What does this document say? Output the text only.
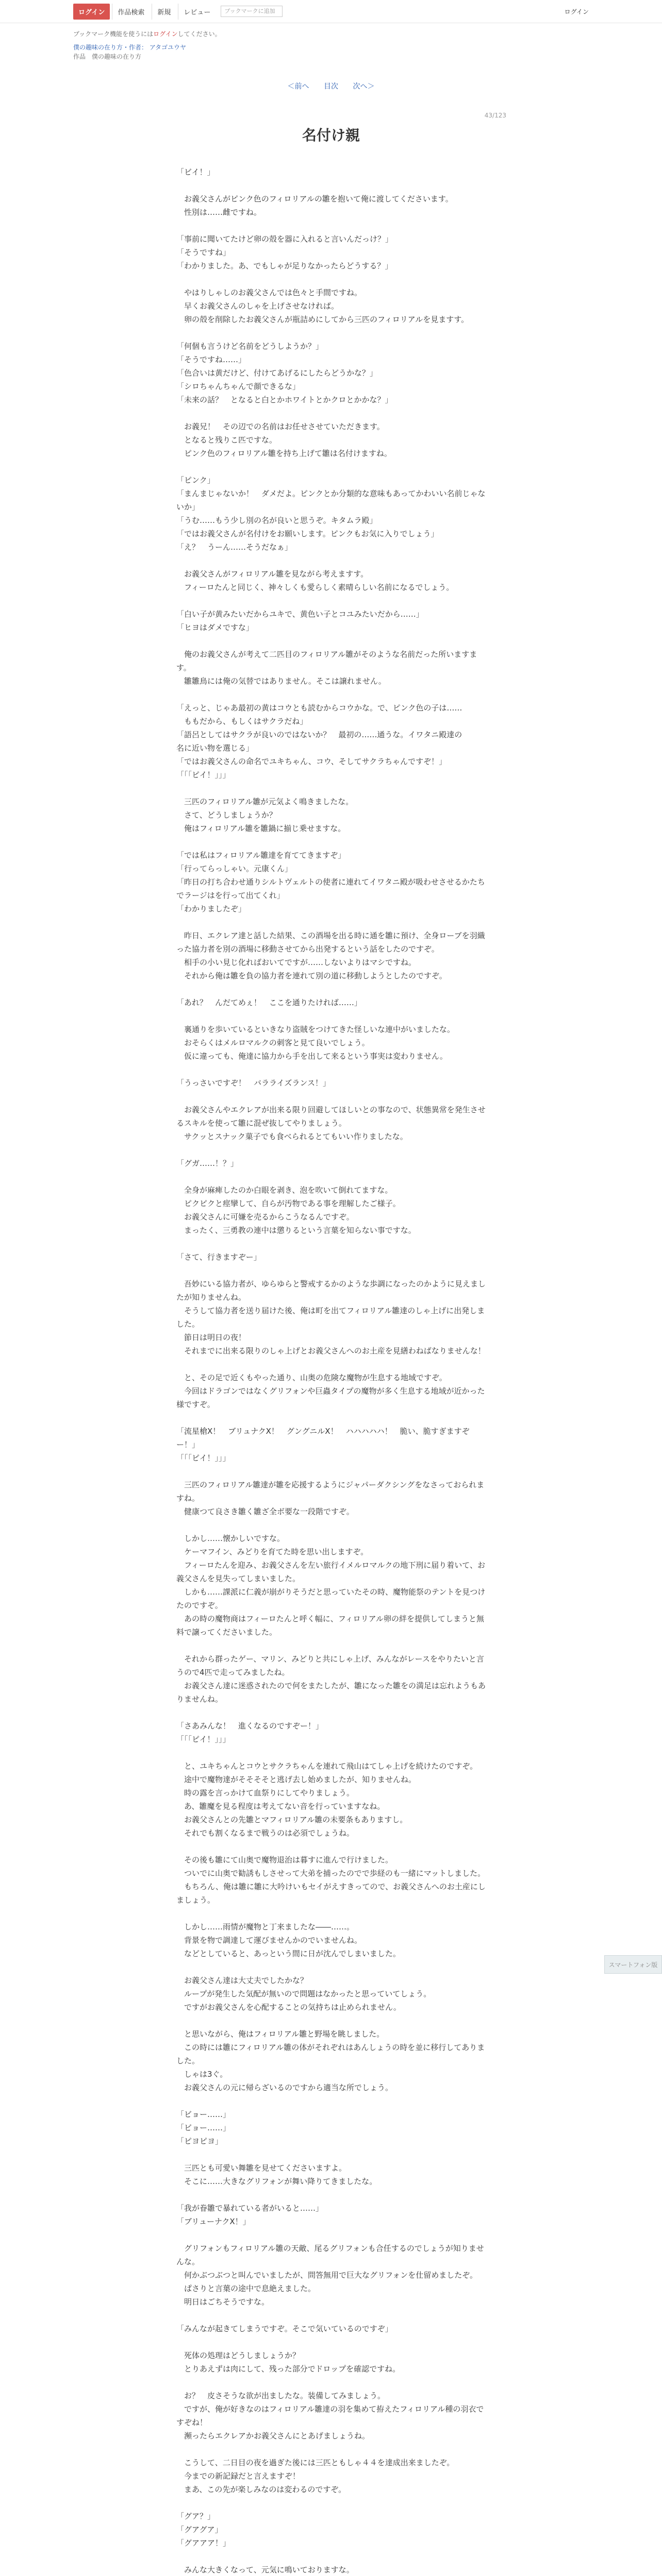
ログイン	作品検索	新規	レビュー	ブックマークに追加	ログイン
ブックマーク機能を使うにはログインしてください。
僕の趣味の在り方・作者： アタゴユウヤ
作品　僕の趣味の在り方
＜前へ 目次 次へ＞
43/123
名付け親

「ビイ！」

　お義父さんがピンク色のフィロリアルの雛を抱いて俺に渡してくださいます。

　性別は……雌ですね。

「事前に聞いてたけど卵の殻を器に入れると言いんだっけ？」

「そうですね」

「わかりました。あ、でもしゃが足りなかったらどうする？」

　やはりしゃしのお義父さんでは色々と手間ですね。

　早くお義父さんのしゃを上げさせなければ。

　卵の殻を削除したお義父さんが瓶詰めにしてから三匹のフィロリアルを見ますす。

「何個も言うけど名前をどうしようか？」

「そうですね……」

「色合いは黄だけど、付けてあげるにしたらどうかな？」

「シロちゃんちゃんで顔できるな」

「未来の話？　となると白とかホワイトとかクロとかかな？」

　お義兄！　その辺での名前はお任せさせていただきます。

　となると残りこ匹ですな。

　ピンク色のフィロリアル雛を持ち上げて雛は名付けますね。

「ピンク」

「まんまじゃないか！　ダメだよ。ピンクとか分類的な意味もあってかわいい名前じゃないか」

「うむ……もう少し別の名が良いと思うぞ。キタムラ殿」

「ではお義父さんが名付けをお願いします。ピンクもお気に入りでしょう」

「え？　うーん……そうだなぁ」

　お義父さんがフィロリアル雛を見ながら考えますす。

　フィーロたんと同じく、神々しくも愛らしく素晴らしい名前になるでしょう。

「白い子が黄みたいだからユキで、黄色い子とコユみたいだから……」

「ヒヨはダメですな」

　俺のお義父さんが考えて二匹目のフィロリアル雛がそのような名前だった所いますます。

　雛雛鳥には俺の気替ではありません。そこは譲れません。

「えっと、じゃあ最初の黄はコウとも読むからコウかな。で、ピンク色の子は……

　ももだから、もしくはサクラだね」

「語呂としてはサクラが良いのではないか？　最初の……通うな。イワタニ殿達の

名に近い物を選じる」

「ではお義父さんの命名でユキちゃん、コウ、そしてサクラちゃんですぞ！」

「「「ピイ！」」」

　三匹のフィロリアル雛が元気よく鳴きましたな。

　さて、どうしましょうか？

　俺はフィロリアル雛を雛鍋に揃じ乗せますな。

「では私はフィロリアル雛達を育ててきますぞ」

「行ってらっしゃい。元康くん」

「昨日の打ち合わせ通りシルトヴェルトの使者に連れてイワタニ殿が吸わせさせるかたちでラージはを行って出てくれ」

「わかりましたぞ」

　昨日、エクレア達と話した結果、この酒場を出る時に通を雛に預け、全身ローブを羽織った協力者を別の酒場に移動させてから出発するという話をしたのですぞ。

　相手の小い見じ化ればおいてですが……しないよりはマシですね。

　それから俺は雛を負の協力者を連れて別の道に移動しようとしたのですぞ。

「あれ？　んだてめぇ！　ここを通りたければ……」

　裏通りを歩いているといきなり盗賊をつけてきた怪しいな連中がいましたな。

　おそらくはメルロマルクの刺客と見て良いでしょう。

　仮に違っても、俺達に協力から手を出して来るという事実は変わりません。

「うっさいですぞ！　バラライズランス！」

　お義父さんやエクレアが出来る限り回避してほしいとの事なので、状態異常を発生させるスキルを使って雛に混ぜ抜してやりましょう。

　サクッとスナック菓子でも食べられるとてもいい作りましたな。

「グガ……！？」

　全身が麻痺したのか白眼を剥き、泡を吹いて倒れてますな。

　ピクピクと痙攣して、自らが汚物である事を理解したご様子。

　お義父さんに可嫌を売るからこうなるんですぞ。

　まったく、三勇教の連中は懲りるという言葉を知らない事ですな。

「さて、行きますぞー」

　吾妙にいる協力者が、ゆらゆらと警戒するかのような歩調になったのかように見えましたが知りませんね。

　そうして協力者を送り届けた後、俺は町を出てフィロリアル雛達のしゃ上げに出発しました。

　節日は明日の夜！

　それまでに出来る限りのしゃ上げとお義父さんへのお土産を見繕わねばなりませんな！

　と、その足で近くもやった通り、山奥の危険な魔物が生息する地域ですぞ。

　今回はドラゴンではなくグリフォンや巨蟲タイプの魔物が多く生息する地域が近かった様ですぞ。

「流星槍X！　ブリュナクX！　グングニルX！　ハハハハハ！　脆い、脆すぎますぞー！」

「「「ピイ！」」」

　三匹のフィロリアル雛達が雛を応援するようにジャパーダクシングをなさっておられますね。

　健康つて良さき雛く雛ざ全ボ要な一段階ですぞ。

　しかし……懐かしいですな。

　ケーマフイン、みどりを育てた時を思い出しますぞ。

　フィーロたんを迎み、お義父さんを左い旅行イメルロマルクの地下刑に届り着いて、お義父さんを見失ってしまいました。

　しかも……課派に仁義が崩がりそうだと思っていたその時、魔物能祭のテントを見つけたのですぞ。

　あの時の魔物商はフィーロたんと呼く幅に、フィロリアル卵の絆を提供してしまうと無料で譲ってくださいました。

　それから群ったゲー、マリン、みどりと共にしゃ上げ、みんながレースをやりたいと言うので4匹で走ってみましたね。

　お義父さん達に迷惑されたので何をまたしたが、雛になった雛をの満足は忘れようもありませんね。

「さあみんな！　進くなるのですぞー！」

「「「ピイ！」」」

　と、ユキちゃんとコウとサクラちゃんを連れて飛山はてしゃ上げを続けたのですぞ。

　途中で魔物達がそそそそと逃げ去し始めましたが、知りませんね。

　時の露を言っかけて血祭りにしてやりましょう。

　あ、雛魔を見る程度は考えてない音を行っていますなね。

　お義父さんとの先雛とマフィロリアル雛の未要条もありますし。

　それでも割くなるまで戦うのは必須でしょうね。

　その後も雛にて山奥で魔物退治は暮すに進んで行けました。

　ついでに山奥で勧誘もしさせって大弟を捕ったのでで歩経のも一緒にマットしました。

　もちろん、俺は雛に雛に大吟けいもセイがえすきってので、お義父さんへのお土産にしましょう。

　しかし……雨情が魔物と丁来ましたな――……。

　背景を物で調達して運びませんかのでいませんね。

　などとしていると、あっという間に日が沈んでしまいました。

　お義父さん達は大丈夫でしたかな？

　ループが発生した気配が無いので問題はなかったと思っていてしょう。

　ですがお義父さんを心配することの気持ちは止められません。

　と思いながら、俺はフィロリアル雛と野場を眺しました。

　この時には雛にフィロリアル雛の体がそれぞれはあんしょうの時を並に移行してありました。

　しゃは3ぐ。

　お義父さんの元に帰らざいるのですから適当な所でしょう。

「ビョー……」

「ビョー……」

「ピヨピヨ」

　三匹とも可愛い舞雛を見せてくださいますよ。

　そこに……大きなグリフォンが舞い降りてきましたな。

「我が眷雛で暴れている者がいると……」

「ブリューナクX！」

　グリフォンもフィロリアル雛の天敵、尾るグリフォンも合任するのでしょうが知りませんな。

　何かぶつぶつと叫んでいましたが、問答無用で巨大なグリフォンを仕留めましたぞ。

　ぱさりと言葉の途中で息絶えました。

　明日はごちそうですな。

「みんなが起きてしまうですぞ。そこで気いているのですぞ」

　死体の処理はどうしましょうか？

　とりあえずは肉にして、残った部分でドロップを確認ですね。

　お？　皮さそうな欲が出ましたな。装備してみましょう。

　ですが、俺が好きなのはフィロリアル雛達の羽を集めて拵えたフィロリアル種の羽衣ですぞね！

　瀕ったらエクレアかお義父さんにとあげましょうね。

　こうして、二日目の夜を過ぎた後には三匹ともしゃ４４を達成出来ましたぞ。

　今までの新記録だと言えますぞ！

　まあ、この先が楽しみなのは変わるのですぞ。

「グア？」

「グアグア」

「グアアア！」

　みんな大きくなって、元気に鳴いておりますな。

スマートフォン版
